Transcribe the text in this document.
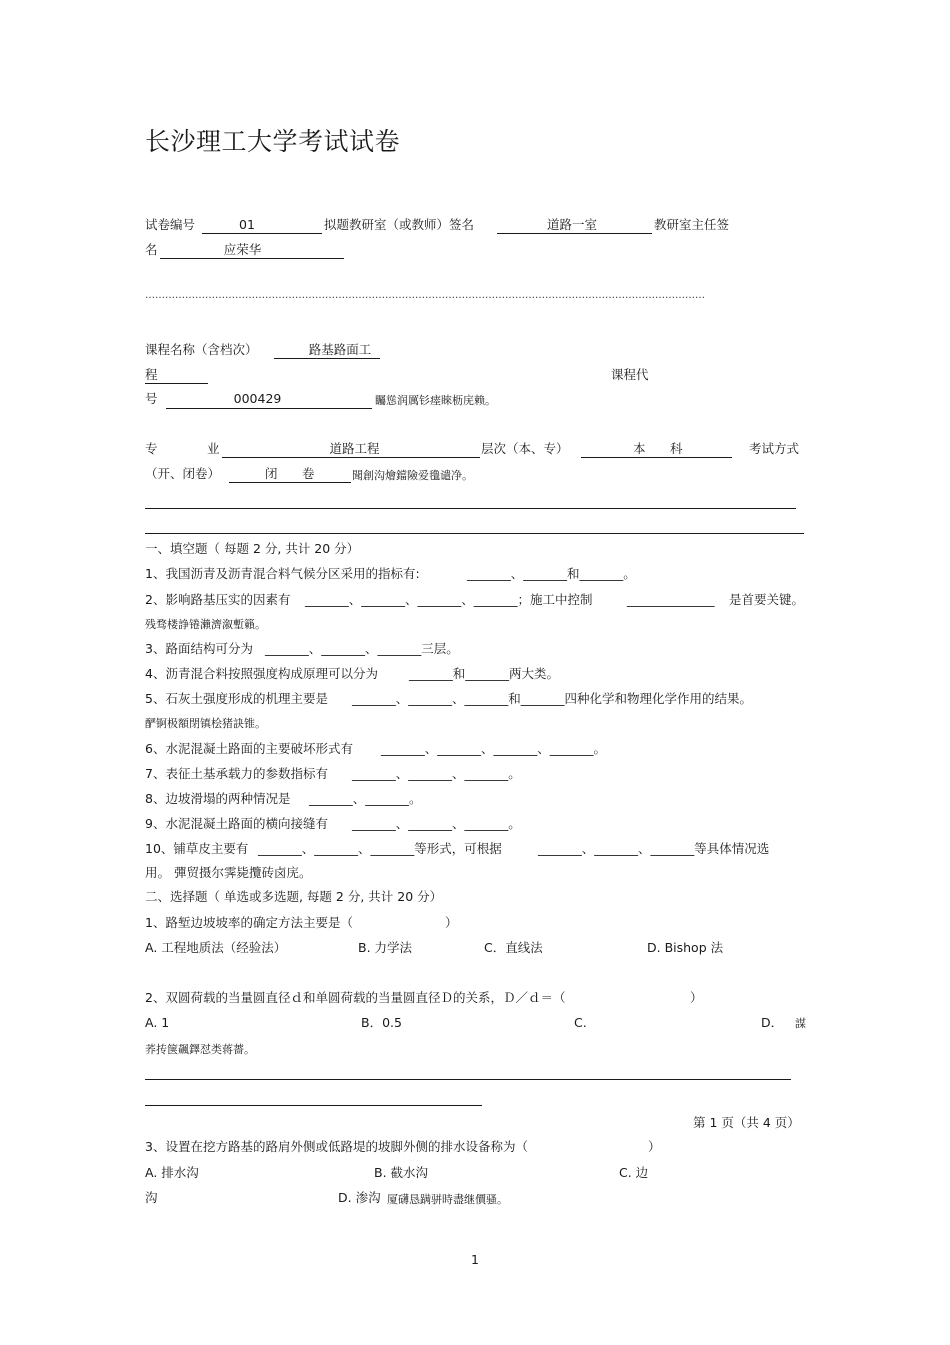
长沙理工大学考试试卷
试卷编号	01	拟题教研室（或教师）签名	道路一室	教研室主任签
名	应荣华
……………………………………………………………………………………………………………………………………………………
课程名称（含档次）	路基路面工
程	课程代
号	000429	矚慫润厲钐瘗睞枥庑赖。
专	业	道路工程	层次（本、专）	本 科	考试方式
（开、闭卷）	闭 卷	聞創沟燴鐺險爱氇谴净。
一、填空题（ 每题 2 分, 共计 20 分）
1、我国沥青及沥青混合料气候分区采用的指标有:	_______、_______和_______。
2、影响路基压实的因素有 _______、_______、_______、_______；施工中控制	______________ 是首要关键。
残骛楼諍锩瀨濟溆塹籟。
3、路面结构可分为 _______、_______、_______三层。
4、沥青混合料按照强度构成原理可以分为 _______和_______两大类。
5、石灰土强度形成的机理主要是 _______、_______、_______和_______四种化学和物理化学作用的结果。
酽锕极額閉镇桧猪訣锥。
6、水泥混凝土路面的主要破坏形式有 _______、_______、_______、_______。
7、表征土基承载力的参数指标有 _______、_______、_______。
8、边坡滑塌的两种情况是 _______、_______。
9、水泥混凝土路面的横向接缝有 _______、_______、_______。
10、铺草皮主要有 _______、_______、_______等形式，可根据	_______、_______、_______等具体情况选
用。 彈贸摄尔霁毙攬砖卤庑。
二、选择题（ 单选或多选题, 每题 2 分, 共计 20 分）
1、路堑边坡坡率的确定方法主要是（	）
A. 工程地质法（经验法）	B. 力学法	C．直线法	D. Bishop 法
2、双圆荷载的当量圆直径ｄ和单圆荷载的当量圆直径Ｄ的关系，Ｄ／ｄ＝（	）
A. 1	B．0.5	C.	D． 謀
荞抟箧飆鐸怼类蒋薔。
第 1 页（共 4 页）
3、设置在挖方路基的路肩外侧或低路堤的坡脚外侧的排水设备称为（	）
A. 排水沟	B. 截水沟	C. 边
沟	D. 渗沟 厦礴恳蹒骈時盡继價骚。
1
